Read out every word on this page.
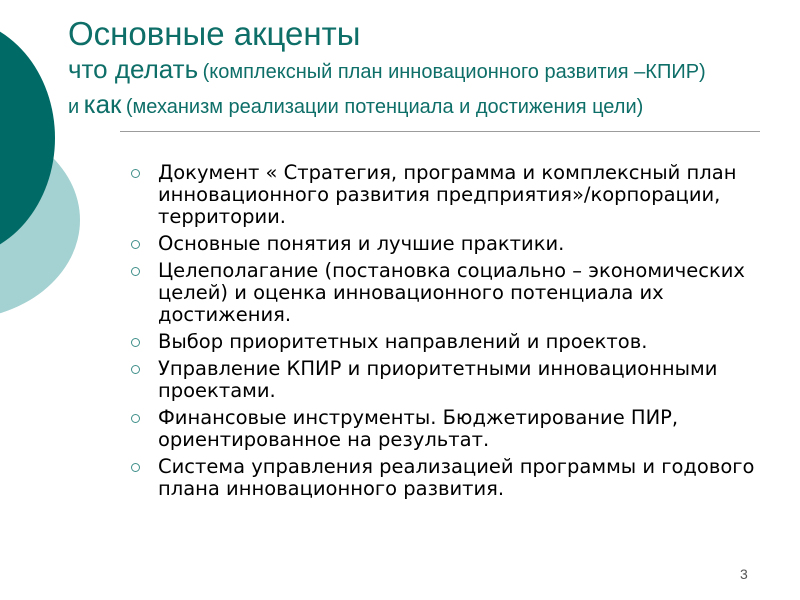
Основные акценты
что делать (комплексный план инновационного развития –КПИР)
и как (механизм реализации потенциала и достижения цели)
Документ « Стратегия, программа и комплексный план инновационного развития предприятия»/корпорации, территории.
Основные понятия и лучшие практики.
Целеполагание (постановка социально – экономических целей) и оценка инновационного потенциала их достижения.
Выбор приоритетных направлений и проектов.
Управление КПИР и приоритетными инновационными проектами.
Финансовые инструменты. Бюджетирование ПИР, ориентированное на результат.
Система управления реализацией программы и годового плана инновационного развития.
3
